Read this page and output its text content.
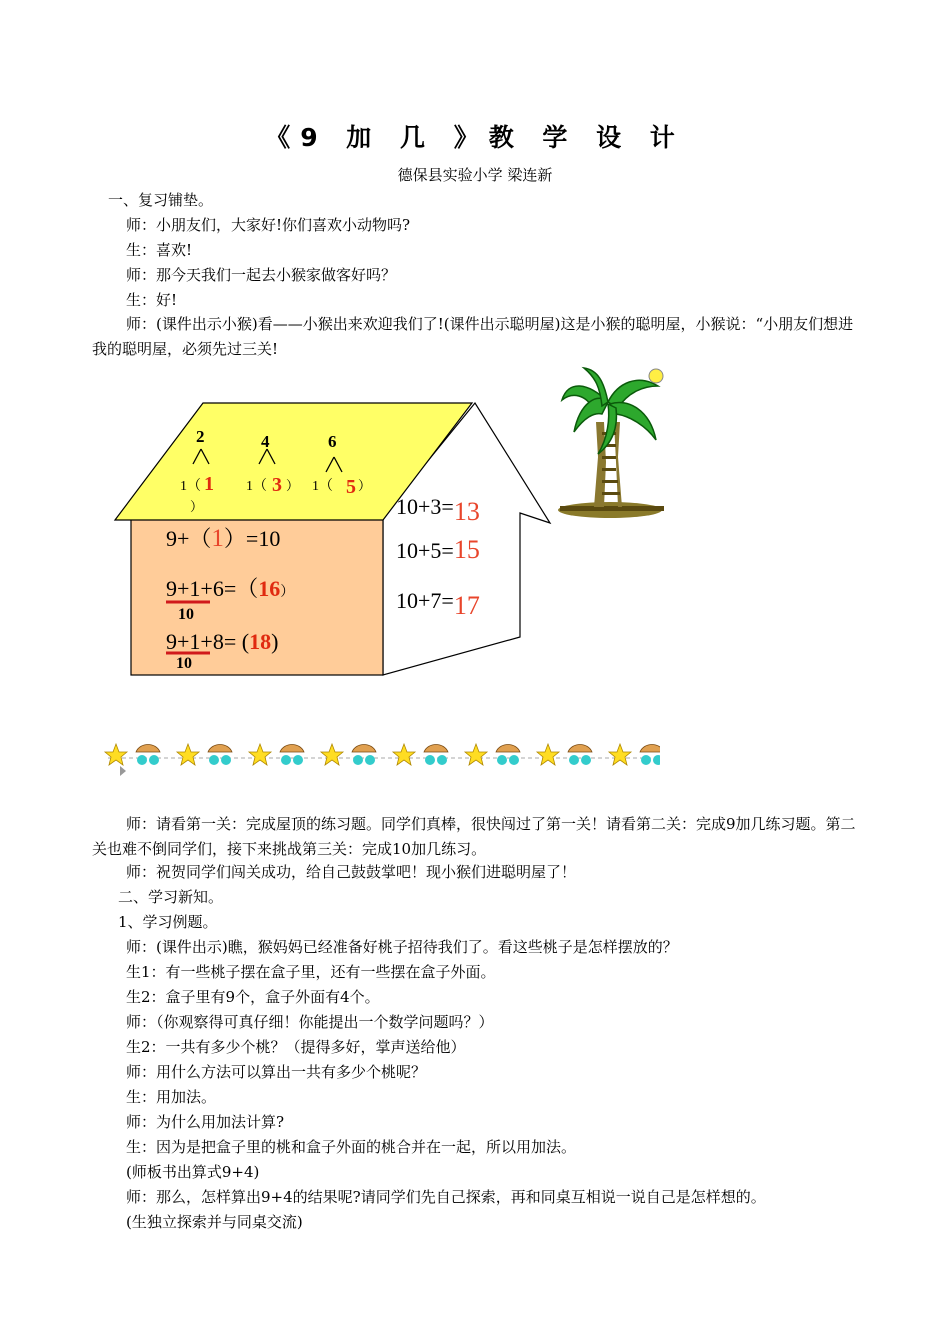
《9 加 几 》教 学 设 计
德保县实验小学 梁连新
一、复习铺垫。
师：小朋友们，大家好!你们喜欢小动物吗?
生：喜欢!
师：那今天我们一起去小猴家做客好吗？
生：好!
师：(课件出示小猴)看——小猴出来欢迎我们了!(课件出示聪明屋)这是小猴的聪明屋，小猴说：“小朋友们想进我的聪明屋，必须先过三关!
2	4	6
1（ 1
）
1（ 3 ） 1（ 5 ）
9+（1）=10
9+1+6=（16）
10
9+1+8= (18)
10
10+3=13
10+5=15
10+7=17
师：请看第一关：完成屋顶的练习题。同学们真棒，很快闯过了第一关！请看第二关：完成9加几练习题。第二关也难不倒同学们，接下来挑战第三关：完成10加几练习。
师：祝贺同学们闯关成功，给自己鼓鼓掌吧！现小猴们进聪明屋了！
二、学习新知。
1、学习例题。
师：(课件出示)瞧，猴妈妈已经准备好桃子招待我们了。看这些桃子是怎样摆放的？
生1：有一些桃子摆在盒子里，还有一些摆在盒子外面。
生2：盒子里有9个，盒子外面有4个。
师：（你观察得可真仔细！你能提出一个数学问题吗？）
生2：一共有多少个桃？（提得多好，掌声送给他）
师：用什么方法可以算出一共有多少个桃呢？
生：用加法。
师：为什么用加法计算?
生：因为是把盒子里的桃和盒子外面的桃合并在一起，所以用加法。
(师板书出算式9+4)
师：那么，怎样算出9+4的结果呢?请同学们先自己探索，再和同桌互相说一说自己是怎样想的。
(生独立探索并与同桌交流)
